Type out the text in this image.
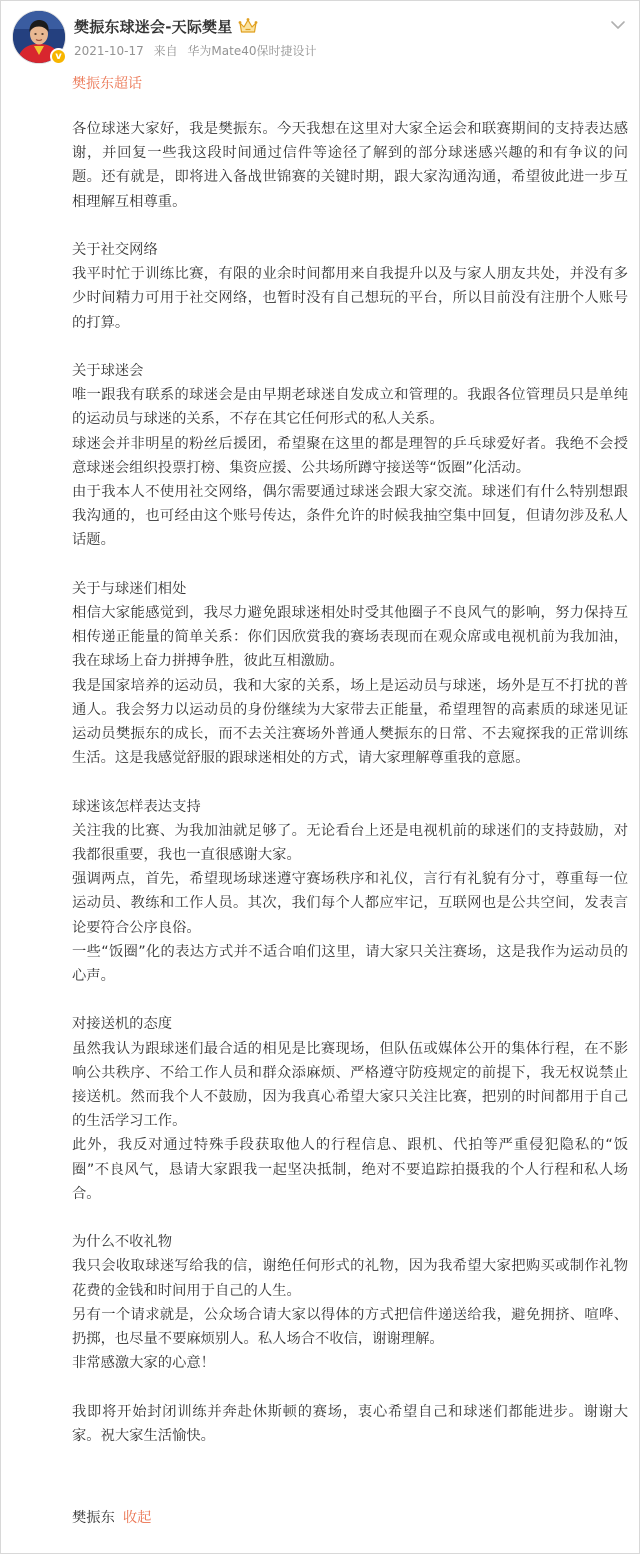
v
樊振东球迷会-天际樊星
2021-10-17 来自 华为Mate40保时捷设计
樊振东超话

各位球迷大家好，我是樊振东。今天我想在这里对大家全运会和联赛期间的支持表达感谢，并回复一些我这段时间通过信件等途径了解到的部分球迷感兴趣的和有争议的问题。还有就是，即将进入备战世锦赛的关键时期，跟大家沟通沟通，希望彼此进一步互相理解互相尊重。

关于社交网络

我平时忙于训练比赛，有限的业余时间都用来自我提升以及与家人朋友共处，并没有多少时间精力可用于社交网络，也暂时没有自己想玩的平台，所以目前没有注册个人账号的打算。

关于球迷会

唯一跟我有联系的球迷会是由早期老球迷自发成立和管理的。我跟各位管理员只是单纯的运动员与球迷的关系，不存在其它任何形式的私人关系。

球迷会并非明星的粉丝后援团，希望聚在这里的都是理智的乒乓球爱好者。我绝不会授意球迷会组织投票打榜、集资应援、公共场所蹲守接送等“饭圈”化活动。

由于我本人不使用社交网络，偶尔需要通过球迷会跟大家交流。球迷们有什么特别想跟我沟通的，也可经由这个账号传达，条件允许的时候我抽空集中回复，但请勿涉及私人话题。

关于与球迷们相处

相信大家能感觉到，我尽力避免跟球迷相处时受其他圈子不良风气的影响，努力保持互相传递正能量的简单关系：你们因欣赏我的赛场表现而在观众席或电视机前为我加油，我在球场上奋力拼搏争胜，彼此互相激励。

我是国家培养的运动员，我和大家的关系，场上是运动员与球迷，场外是互不打扰的普通人。我会努力以运动员的身份继续为大家带去正能量，希望理智的高素质的球迷见证运动员樊振东的成长，而不去关注赛场外普通人樊振东的日常、不去窥探我的正常训练生活。这是我感觉舒服的跟球迷相处的方式，请大家理解尊重我的意愿。

球迷该怎样表达支持

关注我的比赛、为我加油就足够了。无论看台上还是电视机前的球迷们的支持鼓励，对我都很重要，我也一直很感谢大家。

强调两点，首先，希望现场球迷遵守赛场秩序和礼仪，言行有礼貌有分寸，尊重每一位运动员、教练和工作人员。其次，我们每个人都应牢记，互联网也是公共空间，发表言论要符合公序良俗。

一些“饭圈”化的表达方式并不适合咱们这里，请大家只关注赛场，这是我作为运动员的心声。

对接送机的态度

虽然我认为跟球迷们最合适的相见是比赛现场，但队伍或媒体公开的集体行程，在不影响公共秩序、不给工作人员和群众添麻烦、严格遵守防疫规定的前提下，我无权说禁止接送机。然而我个人不鼓励，因为我真心希望大家只关注比赛，把别的时间都用于自己的生活学习工作。

此外，我反对通过特殊手段获取他人的行程信息、跟机、代拍等严重侵犯隐私的“饭圈”不良风气，恳请大家跟我一起坚决抵制，绝对不要追踪拍摄我的个人行程和私人场合。

为什么不收礼物

我只会收取球迷写给我的信，谢绝任何形式的礼物，因为我希望大家把购买或制作礼物花费的金钱和时间用于自己的人生。

另有一个请求就是，公众场合请大家以得体的方式把信件递送给我，避免拥挤、喧哗、扔掷，也尽量不要麻烦别人。私人场合不收信，谢谢理解。

非常感激大家的心意！

我即将开始封闭训练并奔赴休斯顿的赛场，衷心希望自己和球迷们都能进步。谢谢大家。祝大家生活愉快。

樊振东 收起
